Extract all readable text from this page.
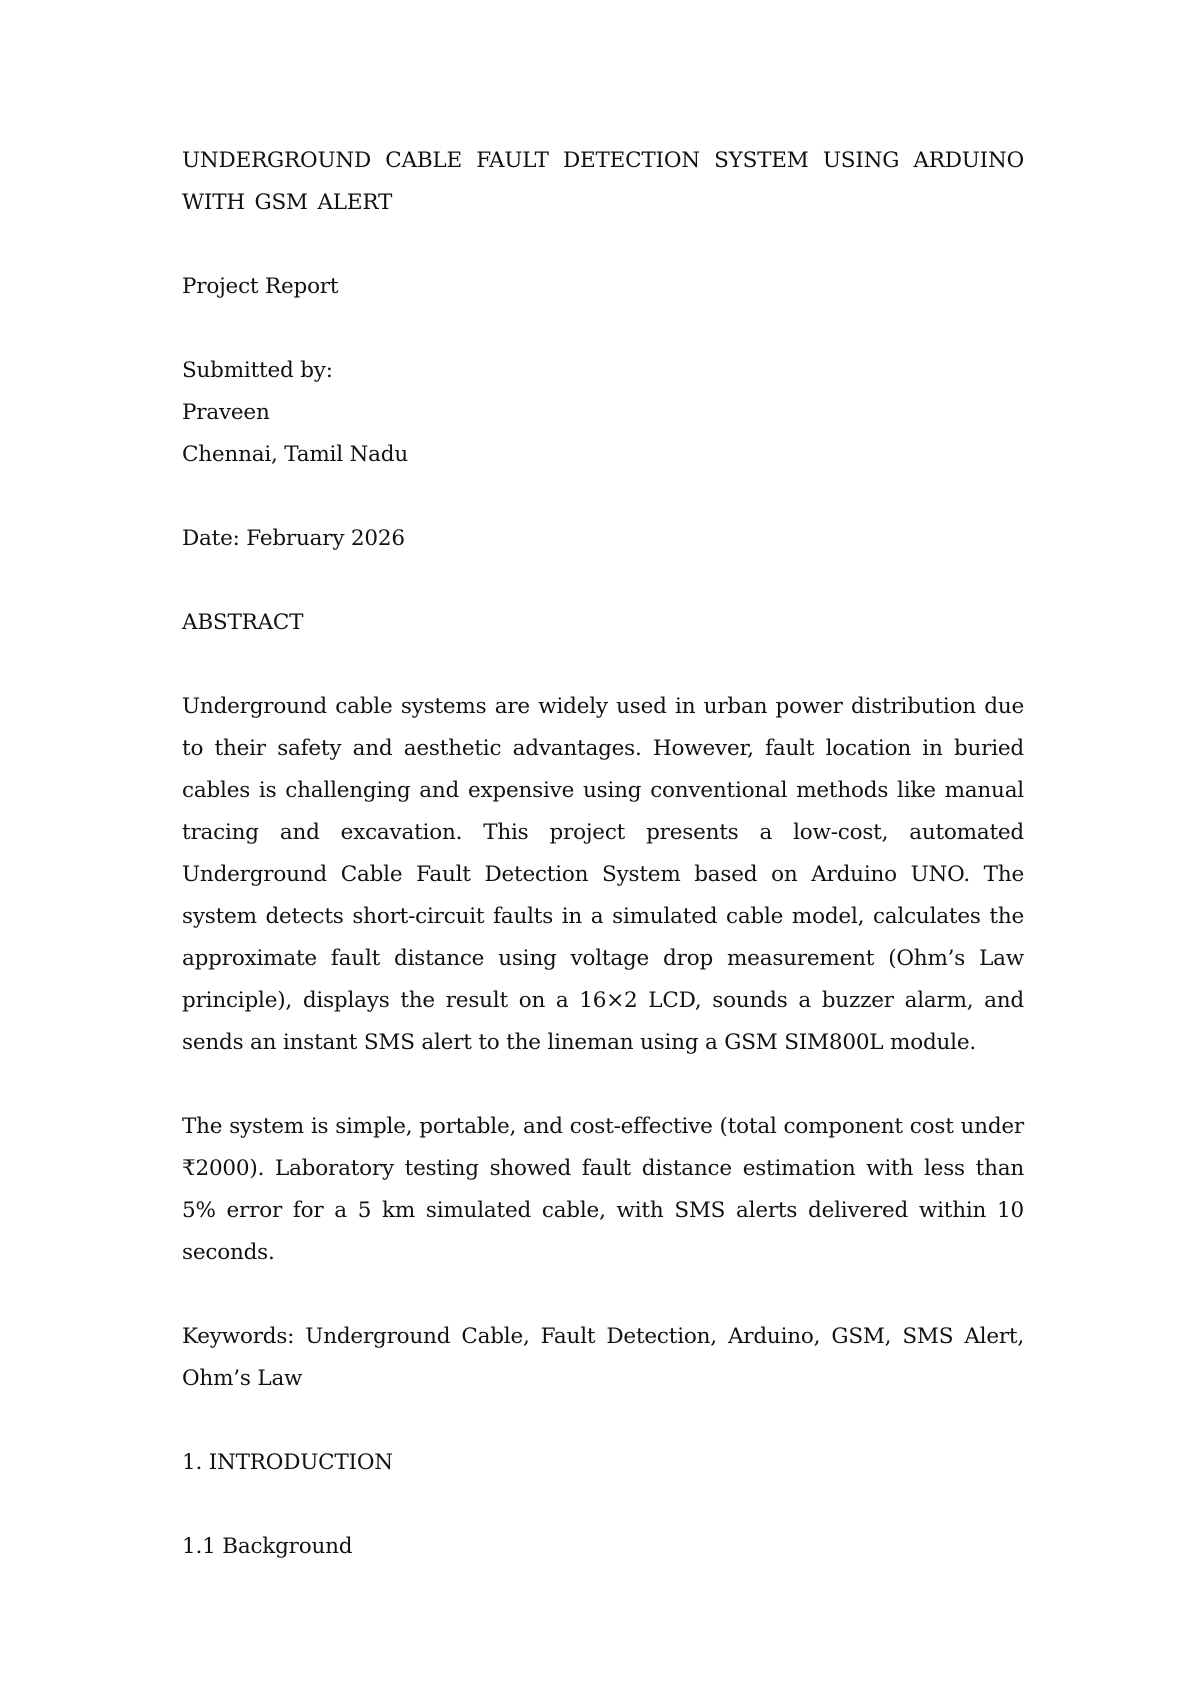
UNDERGROUND CABLE FAULT DETECTION SYSTEM USING ARDUINO WITH GSM ALERT

Project Report

Submitted by:

Praveen

Chennai, Tamil Nadu

Date: February 2026

ABSTRACT

Underground cable systems are widely used in urban power distribution due to their safety and aesthetic advantages. However, fault location in buried cables is challenging and expensive using conventional methods like manual tracing and excavation. This project presents a low-cost, automated Underground Cable Fault Detection System based on Arduino UNO. The system detects short-circuit faults in a simulated cable model, calculates the approximate fault distance using voltage drop measurement (Ohm’s Law principle), displays the result on a 16×2 LCD, sounds a buzzer alarm, and sends an instant SMS alert to the lineman using a GSM SIM800L module.

The system is simple, portable, and cost-effective (total component cost under ₹2000). Laboratory testing showed fault distance estimation with less than 5% error for a 5 km simulated cable, with SMS alerts delivered within 10 seconds.

Keywords: Underground Cable, Fault Detection, Arduino, GSM, SMS Alert, Ohm’s Law

1. INTRODUCTION

1.1 Background
